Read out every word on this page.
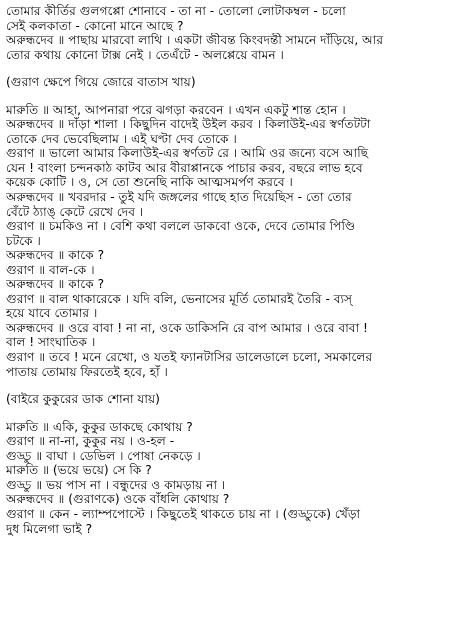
তোমার কীর্তির গুলগপ্পো শোনাবে - তা না - তোলো লোটাকম্বল - চলো
সেই কলকাতা - কোনো মানে আছে ?
অরুন্ধদেব ॥ পাছায় মারবো লাথি । একটা জীবন্ত কিংবদন্তী সামনে দাঁড়িয়ে, আর
তোর কথায় কোনো টাক্স নেই । তেএঁটে - অলপ্পেয়ে বামন ।
(গুরাণ ক্ষেপে গিয়ে জোরে বাতাস খায়)
মারুতি ॥ আহা, আপনারা পরে ঝগড়া করবেন । এখন একটু শান্ত হোন ।
অরুন্ধদেব ॥ দাঁড়া শালা । কিছুদিন বাদেই উইল করব । কিলাউই-এর স্বর্ণতটটা
তোকে দেব ভেবেছিলাম । এই ঘণ্টা দেব তোকে ।
গুরাণ ॥ ভালো আমার কিলাউই-এর স্বর্ণতট রে । আমি ওর জন্যে বসে আছি
যেন ! বাংলা চন্দনকাঠ কাটব আর বীরাপ্পানকে পাচার করব, বছরে লাভ হবে
কয়েক কোটি । ও, সে তো শুনেছি নাকি আত্মসমর্পণ করবে ।
অরুন্ধদেব ॥ খবরদার - তুই যদি জঙ্গলের গাছে হাত দিয়েছিস - তো তোর
বেঁটে ঠ্যাঙ্ কেটে রেখে দেব ।
গুরাণ ॥ চমকিও না । বেশি কথা বললে ডাকবো ওকে, দেবে তোমার পিণ্ডি
চটকে ।
অরুন্ধদেব ॥ কাকে ?
গুরাণ ॥ বাল-কে ।
অরুন্ধদেব ॥ কাকে ?
গুরাণ ॥ বাল থাকারেকে । যদি বলি, ভেনাসের মূর্তি তোমারই তৈরি - ব্যস্
হয়ে যাবে তোমার ।
অরুন্ধদেব ॥ ওরে বাবা ! না না, ওকে ডাকিসনি রে বাপ আমার । ওরে বাবা !
বাল ! সাংঘাতিক ।
গুরাণ ॥ তবে ! মনে রেখো, ও যতই ফ্যানটাসির ডালেডালে চলো, সমকালের
পাতায় তোমায় ফিরতেই হবে, হাঁ ।
(বাইরে কুকুরের ডাক শোনা যায়)
মারুতি ॥ একি, কুকুর ডাকছে কোথায় ?
গুরাণ ॥ না-না, কুকুর নয় । ও-হল -
গুড্ডু ॥ বাঘা । ডেভিল । পোষা নেকড়ে ।
মারুতি ॥ (ভয়ে ভয়ে) সে কি ?
গুড্ডু ॥ ভয় পাস না । বন্ধুদের ও কামড়ায় না ।
অরুন্ধদেব ॥ (গুরাণকে) ওকে বাঁধলি কোথায় ?
গুরাণ ॥ কেন - ল্যাম্পপোস্টে । কিছুতেই থাকতে চায় না । (গুড্ডুকে) খেঁড়া
দুধ মিলেগা ভাই ?
